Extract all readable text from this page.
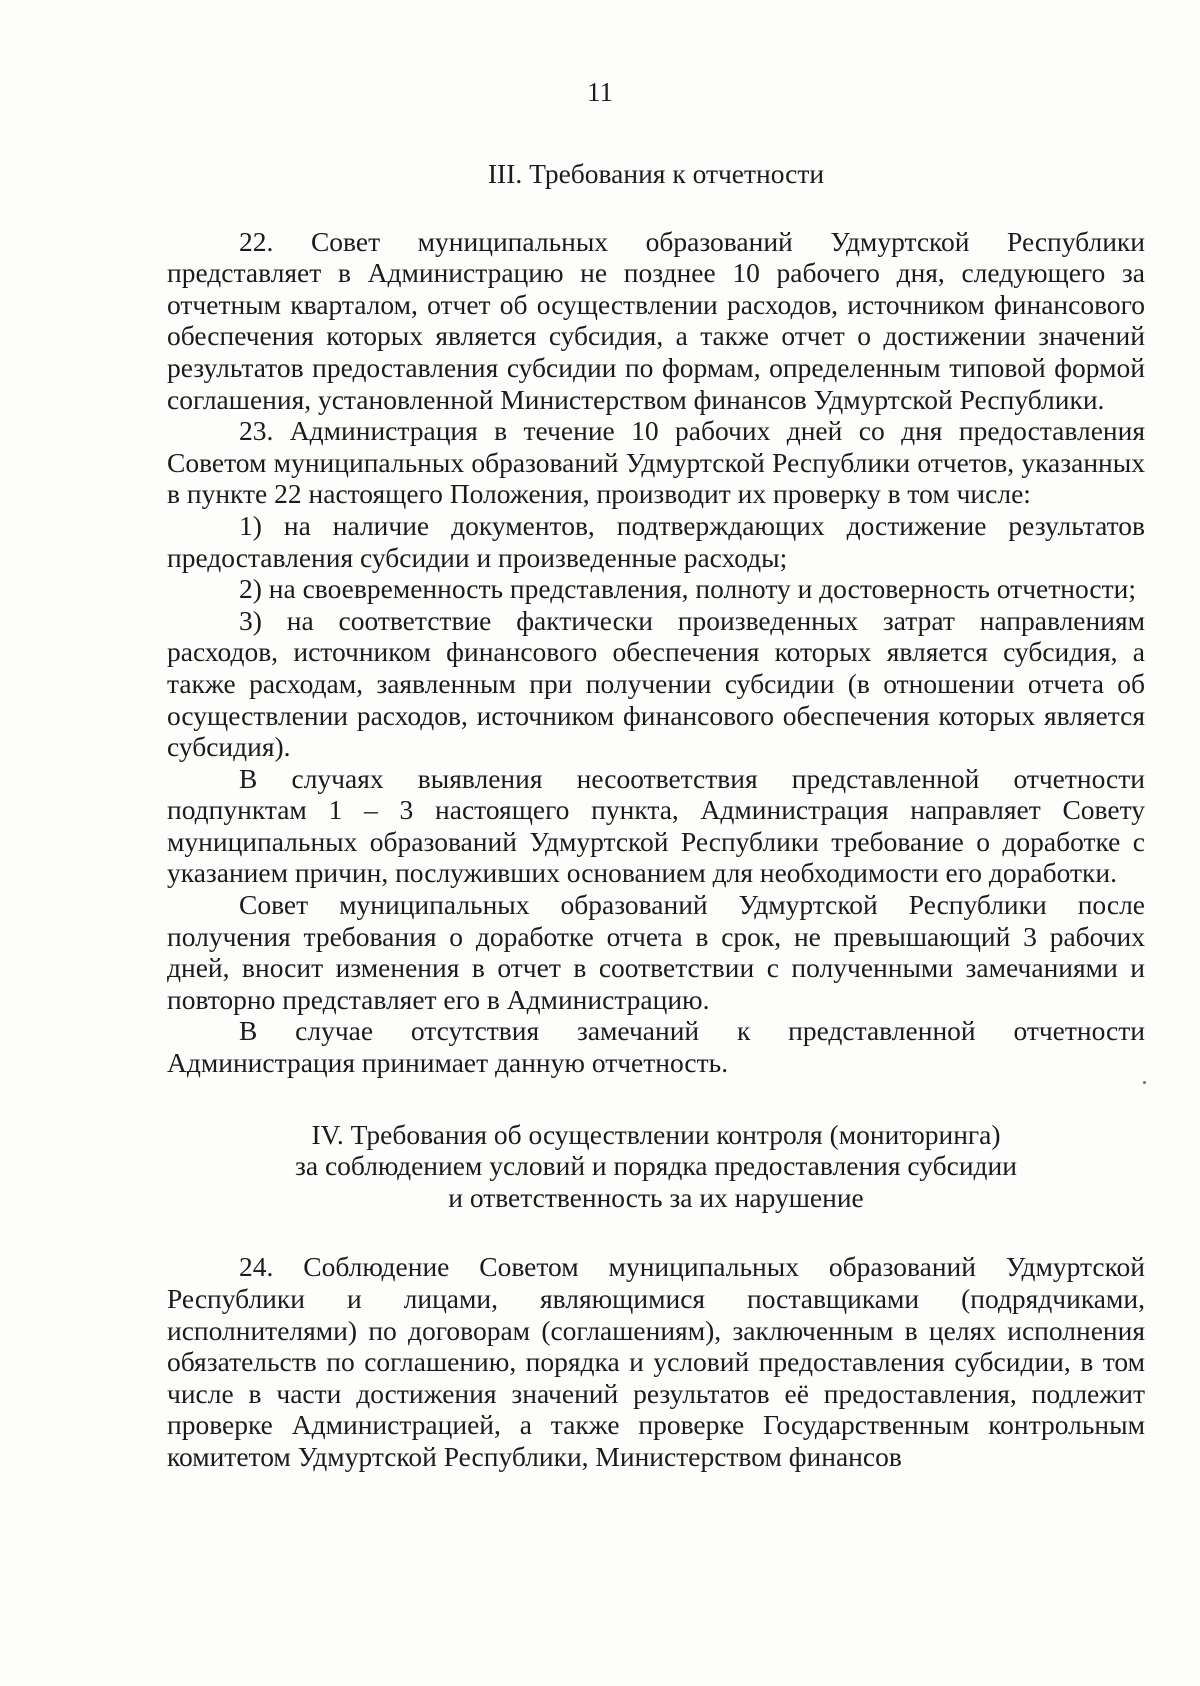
11
III. Требования к отчетности

22. Совет муниципальных образований Удмуртской Республики представляет в Администрацию не позднее 10 рабочего дня, следующего за отчетным кварталом, отчет об осуществлении расходов, источником финансового обеспечения которых является субсидия, а также отчет о достижении значений результатов предоставления субсидии по формам, определенным типовой формой соглашения, установленной Министерством финансов Удмуртской Республики.

23. Администрация в течение 10 рабочих дней со дня предоставления Советом муниципальных образований Удмуртской Республики отчетов, указанных в пункте 22 настоящего Положения, производит их проверку в том числе:

1) на наличие документов, подтверждающих достижение результатов предоставления субсидии и произведенные расходы;

2) на своевременность представления, полноту и достоверность отчетности;

3) на соответствие фактически произведенных затрат направлениям расходов, источником финансового обеспечения которых является субсидия, а также расходам, заявленным при получении субсидии (в отношении отчета об осуществлении расходов, источником финансового обеспечения которых является субсидия).

В случаях выявления несоответствия представленной отчетности подпунктам 1 – 3 настоящего пункта, Администрация направляет Совету муниципальных образований Удмуртской Республики требование о доработке с указанием причин, послуживших основанием для необходимости его доработки.

Совет муниципальных образований Удмуртской Республики после получения требования о доработке отчета в срок, не превышающий 3 рабочих дней, вносит изменения в отчет в соответствии с полученными замечаниями и повторно представляет его в Администрацию.

В случае отсутствия замечаний к представленной отчетности Администрация принимает данную отчетность.

IV. Требования об осуществлении контроля (мониторинга)
за соблюдением условий и порядка предоставления субсидии
и ответственность за их нарушение

24. Соблюдение Советом муниципальных образований Удмуртской Республики и лицами, являющимися поставщиками (подрядчиками, исполнителями) по договорам (соглашениям), заключенным в целях исполнения обязательств по соглашению, порядка и условий предоставления субсидии, в том числе в части достижения значений результатов её предоставления, подлежит проверке Администрацией, а также проверке Государственным контрольным комитетом Удмуртской Республики, Министерством финансов
